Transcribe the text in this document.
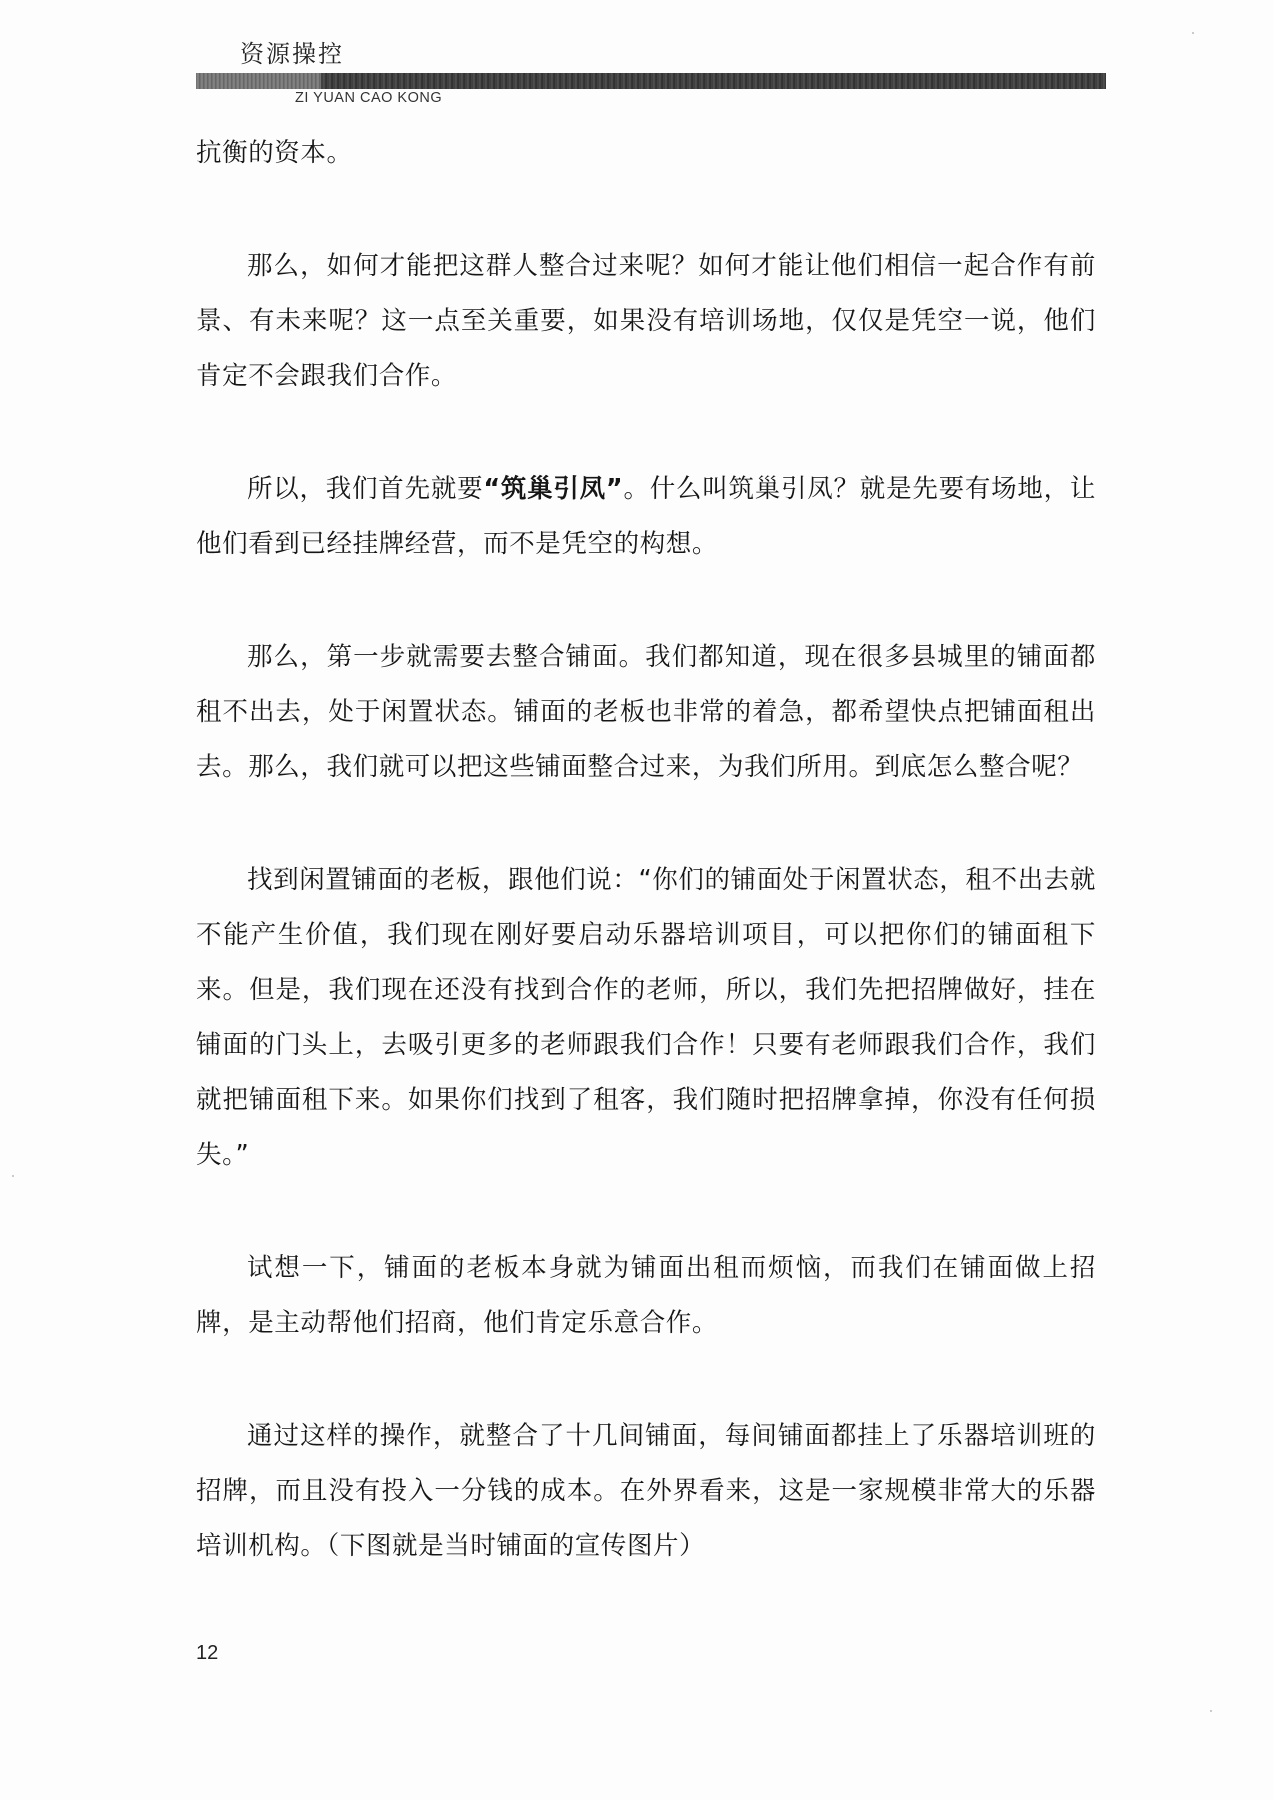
资源操控
ZI YUAN CAO KONG

抗衡的资本。

那么，如何才能把这群人整合过来呢？如何才能让他们相信一起合作有前景、有未来呢？这一点至关重要，如果没有培训场地，仅仅是凭空一说，他们肯定不会跟我们合作。

所以，我们首先就要“筑巢引凤”。什么叫筑巢引凤？就是先要有场地，让他们看到已经挂牌经营，而不是凭空的构想。

那么，第一步就需要去整合铺面。我们都知道，现在很多县城里的铺面都租不出去，处于闲置状态。铺面的老板也非常的着急，都希望快点把铺面租出去。那么，我们就可以把这些铺面整合过来，为我们所用。到底怎么整合呢？

找到闲置铺面的老板，跟他们说：“你们的铺面处于闲置状态，租不出去就不能产生价值，我们现在刚好要启动乐器培训项目，可以把你们的铺面租下来。但是，我们现在还没有找到合作的老师，所以，我们先把招牌做好，挂在铺面的门头上，去吸引更多的老师跟我们合作！只要有老师跟我们合作，我们就把铺面租下来。如果你们找到了租客，我们随时把招牌拿掉，你没有任何损失。”

试想一下，铺面的老板本身就为铺面出租而烦恼，而我们在铺面做上招牌，是主动帮他们招商，他们肯定乐意合作。

通过这样的操作，就整合了十几间铺面，每间铺面都挂上了乐器培训班的招牌，而且没有投入一分钱的成本。在外界看来，这是一家规模非常大的乐器培训机构。（下图就是当时铺面的宣传图片）

12
